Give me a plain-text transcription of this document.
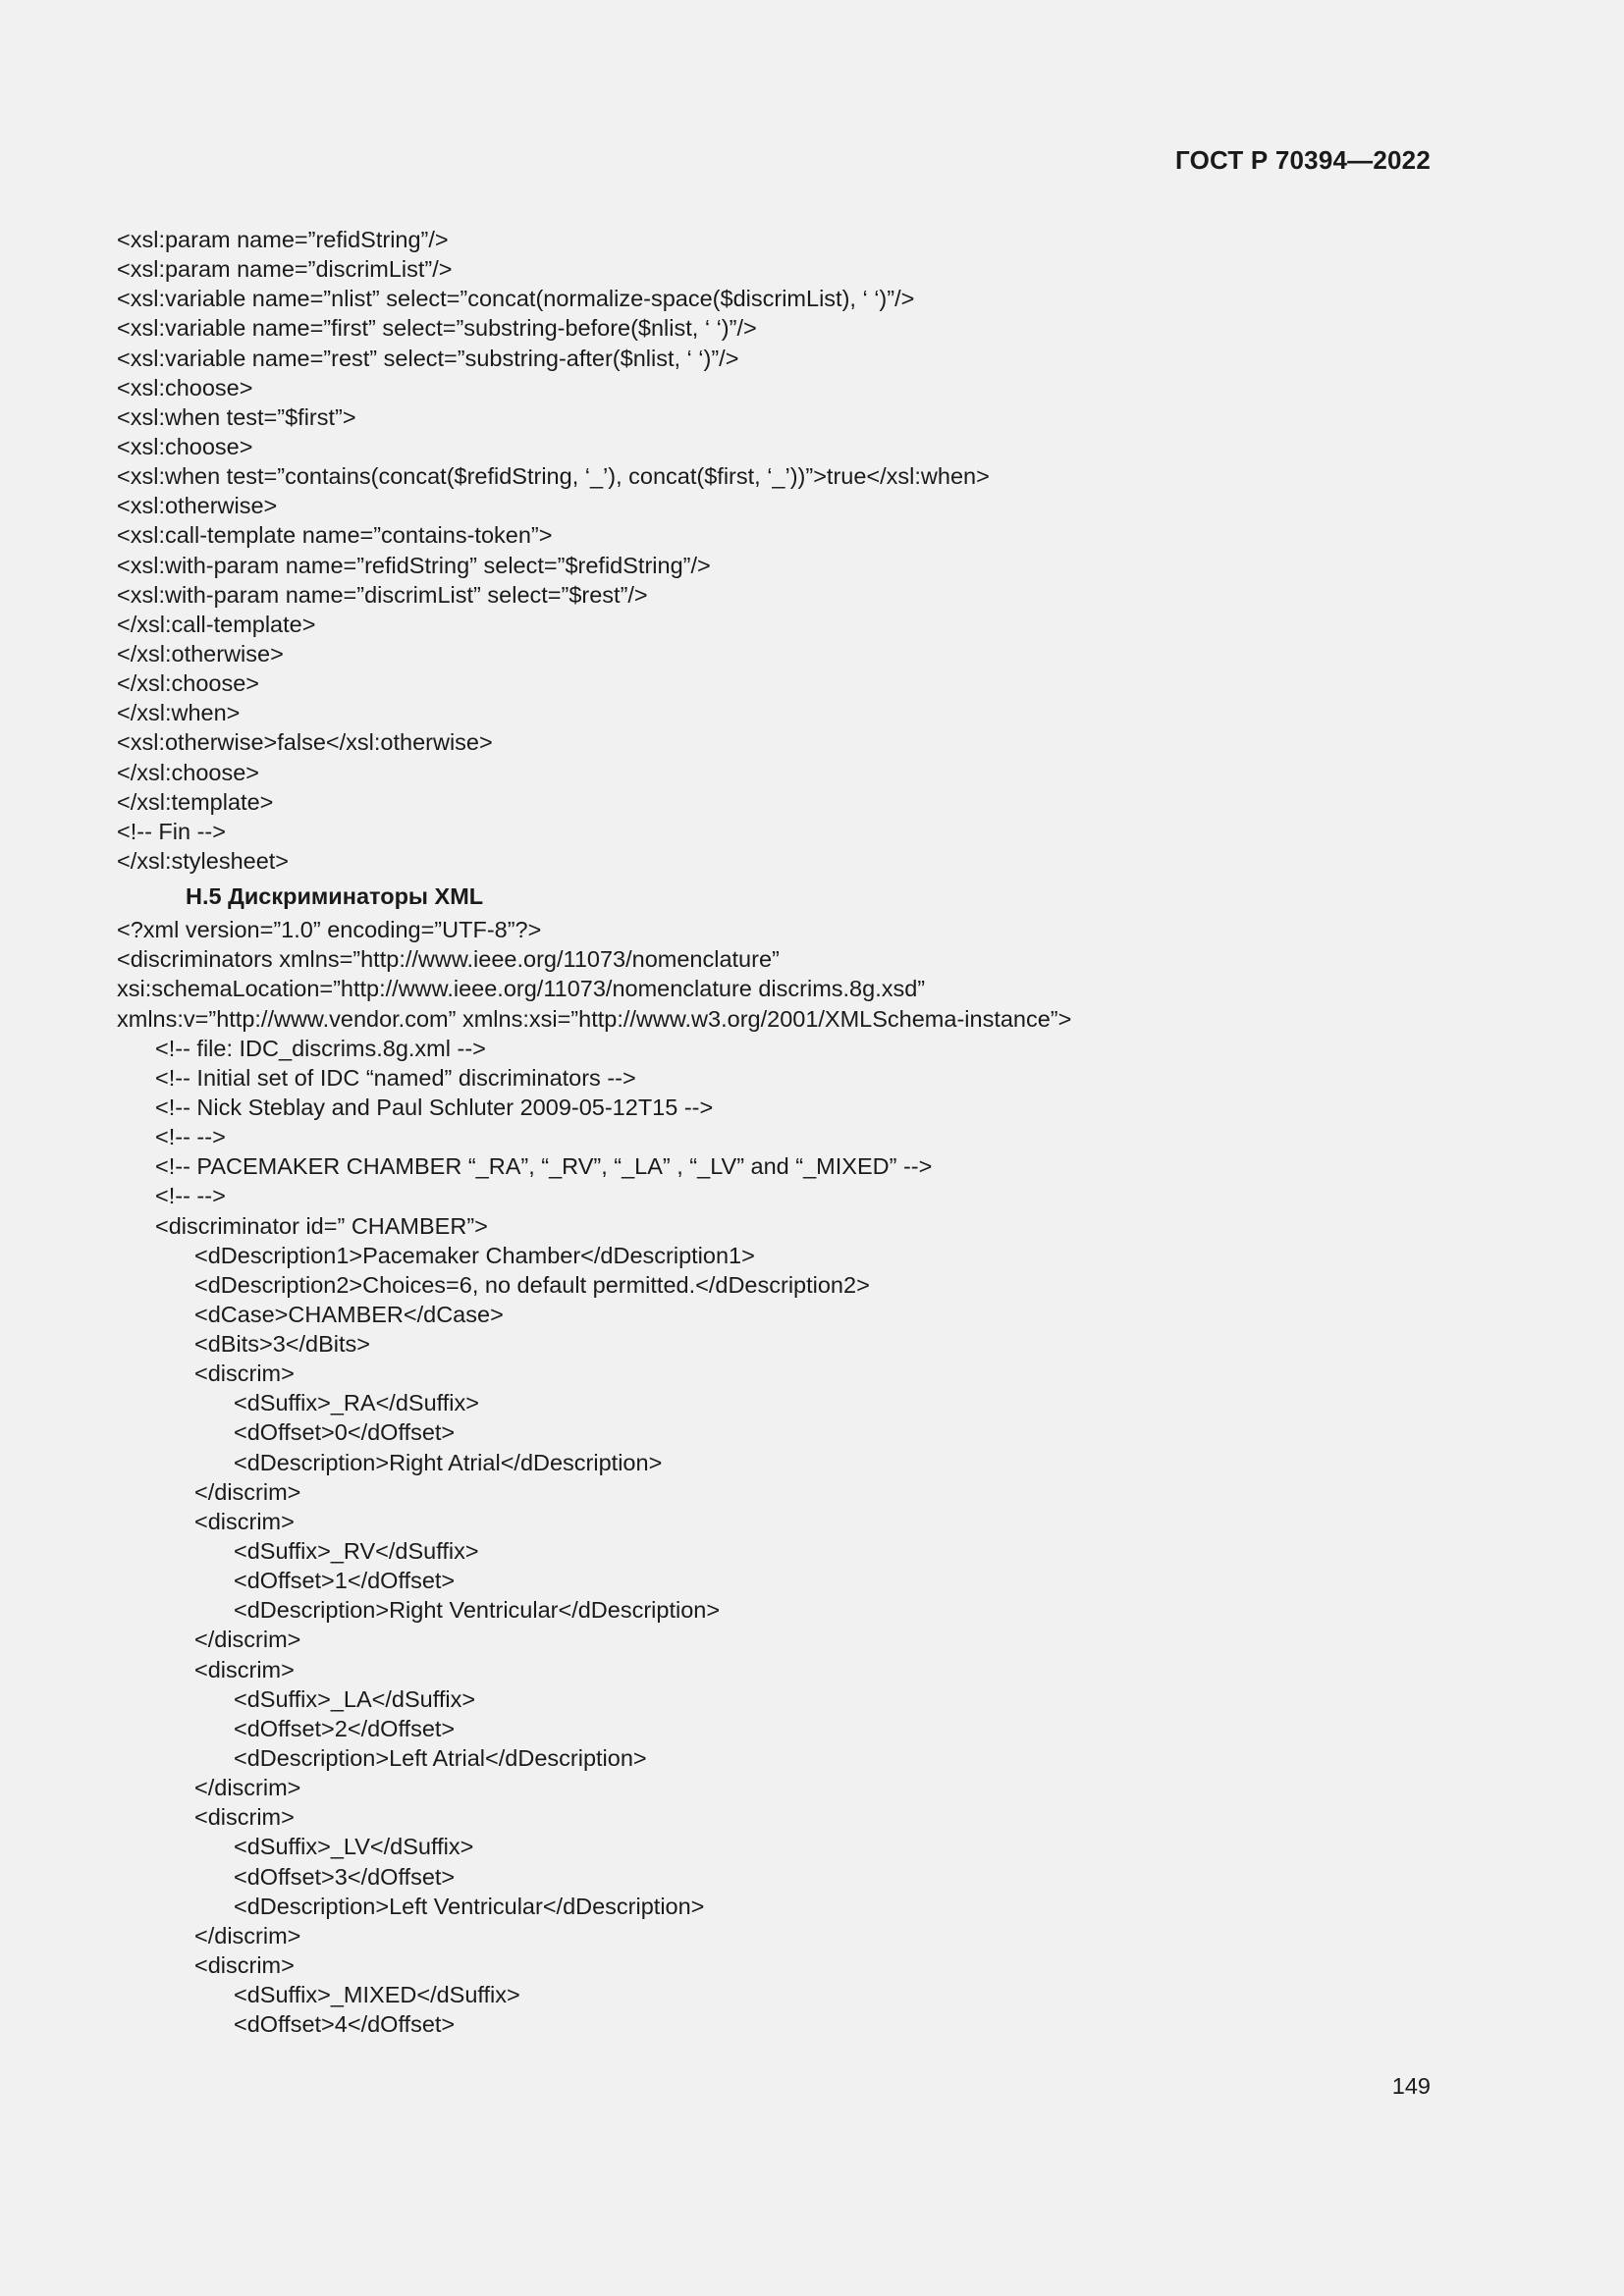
ГОСТ Р 70394—2022
<xsl:param name=”refidString”/>
<xsl:param name=”discrimList”/>
<xsl:variable name=”nlist” select=”concat(normalize-space($discrimList), ‘ ‘)”/>
<xsl:variable name=”first” select=”substring-before($nlist, ‘ ‘)”/>
<xsl:variable name=”rest” select=”substring-after($nlist, ‘ ‘)”/>
<xsl:choose>
<xsl:when test=”$first”>
<xsl:choose>
<xsl:when test=”contains(concat($refidString, ‘_’), concat($first, ‘_’))”>true</xsl:when>
<xsl:otherwise>
<xsl:call-template name=”contains-token”>
<xsl:with-param name=”refidString” select=”$refidString”/>
<xsl:with-param name=”discrimList” select=”$rest”/>
</xsl:call-template>
</xsl:otherwise>
</xsl:choose>
</xsl:when>
<xsl:otherwise>false</xsl:otherwise>
</xsl:choose>
</xsl:template>
<!-- Fin -->
</xsl:stylesheet>
Н.5 Дискриминаторы XML
<?xml version=”1.0” encoding=”UTF-8”?>
<discriminators xmlns=”http://www.ieee.org/11073/nomenclature”
xsi:schemaLocation=”http://www.ieee.org/11073/nomenclature discrims.8g.xsd”
xmlns:v=”http://www.vendor.com” xmlns:xsi=”http://www.w3.org/2001/XMLSchema-instance”>
<!-- file: IDC_discrims.8g.xml -->
<!-- Initial set of IDC “named” discriminators -->
<!-- Nick Steblay and Paul Schluter 2009-05-12T15 -->
<!-- -->
<!-- PACEMAKER CHAMBER “_RA”, “_RV”, “_LA” , “_LV” and “_MIXED” -->
<!-- -->
<discriminator id=” CHAMBER”>
<dDescription1>Pacemaker Chamber</dDescription1>
<dDescription2>Choices=6, no default permitted.</dDescription2>
<dCase>CHAMBER</dCase>
<dBits>3</dBits>
<discrim>
<dSuffix>_RA</dSuffix>
<dOffset>0</dOffset>
<dDescription>Right Atrial</dDescription>
</discrim>
<discrim>
<dSuffix>_RV</dSuffix>
<dOffset>1</dOffset>
<dDescription>Right Ventricular</dDescription>
</discrim>
<discrim>
<dSuffix>_LA</dSuffix>
<dOffset>2</dOffset>
<dDescription>Left Atrial</dDescription>
</discrim>
<discrim>
<dSuffix>_LV</dSuffix>
<dOffset>3</dOffset>
<dDescription>Left Ventricular</dDescription>
</discrim>
<discrim>
<dSuffix>_MIXED</dSuffix>
<dOffset>4</dOffset>
149
